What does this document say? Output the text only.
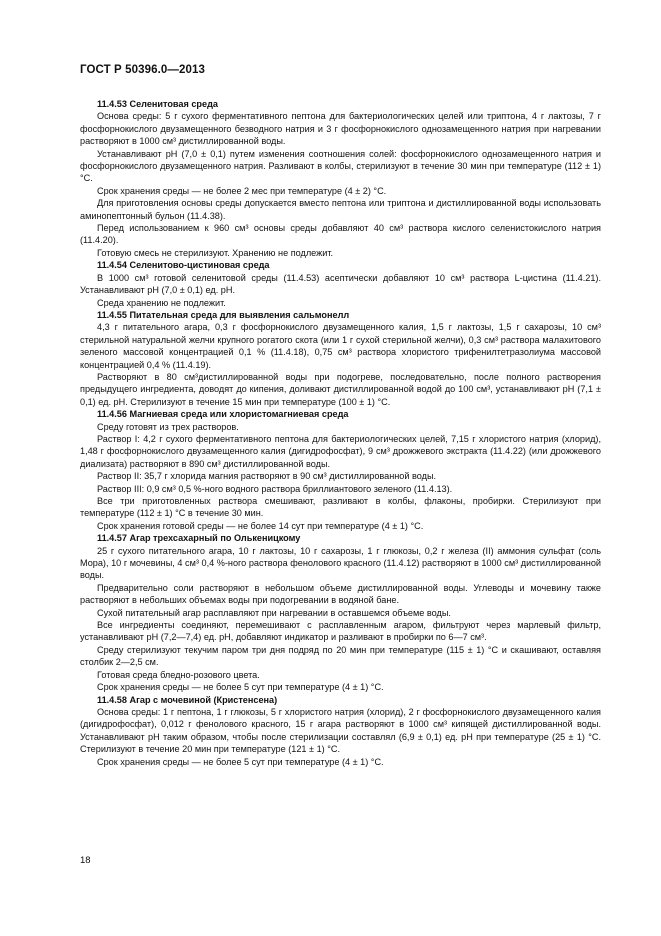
ГОСТ Р 50396.0—2013

11.4.53 Селенитовая среда

Основа среды: 5 г сухого ферментативного пептона для бактериологических целей или триптона, 4 г лактозы, 7 г фосфорнокислого двузамещенного безводного натрия и 3 г фосфорнокислого однозамещенного натрия при нагревании растворяют в 1000 см³ дистиллированной воды.

Устанавливают pH (7,0 ± 0,1) путем изменения соотношения солей: фосфорнокислого однозамещенного натрия и фосфорнокислого двузамещенного натрия. Разливают в колбы, стерилизуют в течение 30 мин при температуре (112 ± 1) °С.

Срок хранения среды — не более 2 мес при температуре (4 ± 2) °С.

Для приготовления основы среды допускается вместо пептона или триптона и дистиллированной воды использовать аминопептонный бульон (11.4.38).

Перед использованием к 960 см³ основы среды добавляют 40 см³ раствора кислого селенистокислого натрия (11.4.20).

Готовую смесь не стерилизуют. Хранению не подлежит.

11.4.54 Селенитово-цистиновая среда

В 1000 см³ готовой селенитовой среды (11.4.53) асептически добавляют 10 см³ раствора L-цистина (11.4.21). Устанавливают pH (7,0 ± 0,1) ед. pH.

Среда хранению не подлежит.

11.4.55 Питательная среда для выявления сальмонелл

4,3 г питательного агара, 0,3 г фосфорнокислого двузамещенного калия, 1,5 г лактозы, 1,5 г сахарозы, 10 см³ стерильной натуральной желчи крупного рогатого скота (или 1 г сухой стерильной желчи), 0,3 см³ раствора малахитового зеленого массовой концентрацией 0,1 % (11.4.18), 0,75 см³ раствора хлористого трифенилтетразолиума массовой концентрацией 0,4 % (11.4.19).

Растворяют в 80 см³дистиллированной воды при подогреве, последовательно, после полного растворения предыдущего ингредиента, доводят до кипения, доливают дистиллированной водой до 100 см³, устанавливают pH (7,1 ± 0,1) ед. pH. Стерилизуют в течение 15 мин при температуре (100 ± 1) °С.

11.4.56 Магниевая среда или хлористомагниевая среда

Среду готовят из трех растворов.

Раствор I: 4,2 г сухого ферментативного пептона для бактериологических целей, 7,15 г хлористого натрия (хлорид), 1,48 г фосфорнокислого двузамещенного калия (дигидрофосфат), 9 см³ дрожжевого экстракта (11.4.22) (или дрожжевого диализата) растворяют в 890 см³ дистиллированной воды.

Раствор II: 35,7 г хлорида магния растворяют в 90 см³ дистиллированной воды.

Раствор III: 0,9 см³ 0,5 %-ного водного раствора бриллиантового зеленого (11.4.13).

Все три приготовленных раствора смешивают, разливают в колбы, флаконы, пробирки. Стерилизуют при температуре (112 ± 1) °С в течение 30 мин.

Срок хранения готовой среды — не более 14 сут при температуре (4 ± 1) °С.

11.4.57 Агар трехсахарный по Олькеницкому

25 г сухого питательного агара, 10 г лактозы, 10 г сахарозы, 1 г глюкозы, 0,2 г железа (II) аммония сульфат (соль Мора), 10 г мочевины, 4 см³ 0,4 %-ного раствора фенолового красного (11.4.12) растворяют в 1000 см³ дистиллированной воды.

Предварительно соли растворяют в небольшом объеме дистиллированной воды. Углеводы и мочевину также растворяют в небольших объемах воды при подогревании в водяной бане.

Сухой питательный агар расплавляют при нагревании в оставшемся объеме воды.

Все ингредиенты соединяют, перемешивают с расплавленным агаром, фильтруют через марлевый фильтр, устанавливают pH (7,2—7,4) ед. pH, добавляют индикатор и разливают в пробирки по 6—7 см³.

Среду стерилизуют текучим паром три дня подряд по 20 мин при температуре (115 ± 1) °С и скашивают, оставляя столбик 2—2,5 см.

Готовая среда бледно-розового цвета.

Срок хранения среды — не более 5 сут при температуре (4 ± 1) °С.

11.4.58 Агар с мочевиной (Кристенсена)

Основа среды: 1 г пептона, 1 г глюкозы, 5 г хлористого натрия (хлорид), 2 г фосфорнокислого двузамещенного калия (дигидрофосфат), 0,012 г фенолового красного, 15 г агара растворяют в 1000 см³ кипящей дистиллированной воды. Устанавливают pH таким образом, чтобы после стерилизации составлял (6,9 ± 0,1) ед. pH при температуре (25 ± 1) °С. Стерилизуют в течение 20 мин при температуре (121 ± 1) °С.

Срок хранения среды — не более 5 сут при температуре (4 ± 1) °С.

18
